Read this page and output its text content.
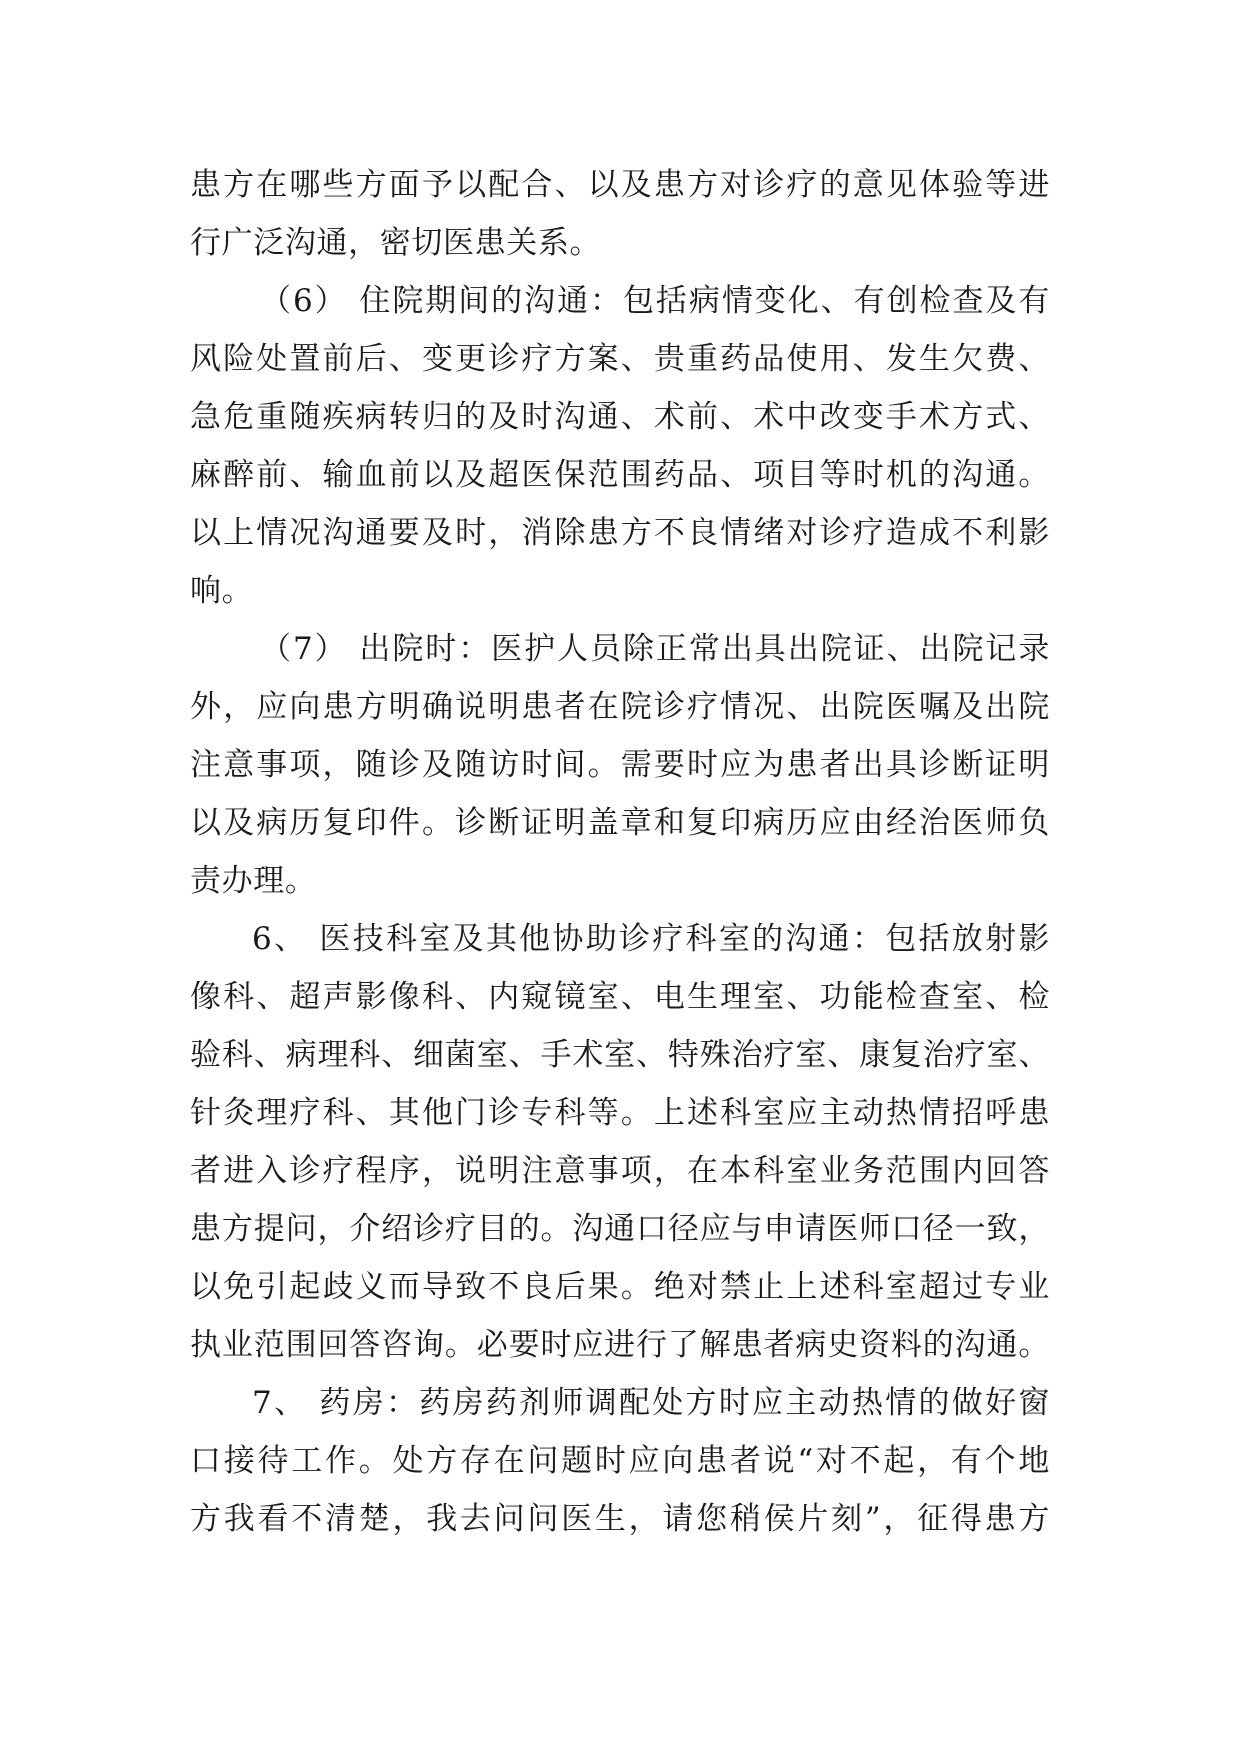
患方在哪些方面予以配合、以及患方对诊疗的意见体验等进

行广泛沟通，密切医患关系。

（6） 住院期间的沟通：包括病情变化、有创检查及有

风险处置前后、变更诊疗方案、贵重药品使用、发生欠费、

急危重随疾病转归的及时沟通、术前、术中改变手术方式、

麻醉前、输血前以及超医保范围药品、项目等时机的沟通。

以上情况沟通要及时，消除患方不良情绪对诊疗造成不利影

响。

（7） 出院时：医护人员除正常出具出院证、出院记录

外，应向患方明确说明患者在院诊疗情况、出院医嘱及出院

注意事项，随诊及随访时间。需要时应为患者出具诊断证明

以及病历复印件。诊断证明盖章和复印病历应由经治医师负

责办理。

6、 医技科室及其他协助诊疗科室的沟通：包括放射影

像科、超声影像科、内窥镜室、电生理室、功能检查室、检

验科、病理科、细菌室、手术室、特殊治疗室、康复治疗室、

针灸理疗科、其他门诊专科等。上述科室应主动热情招呼患

者进入诊疗程序，说明注意事项，在本科室业务范围内回答

患方提问，介绍诊疗目的。沟通口径应与申请医师口径一致，

以免引起歧义而导致不良后果。绝对禁止上述科室超过专业

执业范围回答咨询。必要时应进行了解患者病史资料的沟通。

7、 药房：药房药剂师调配处方时应主动热情的做好窗

口接待工作。处方存在问题时应向患者说“对不起，有个地

方我看不清楚，我去问问医生，请您稍侯片刻”，征得患方
